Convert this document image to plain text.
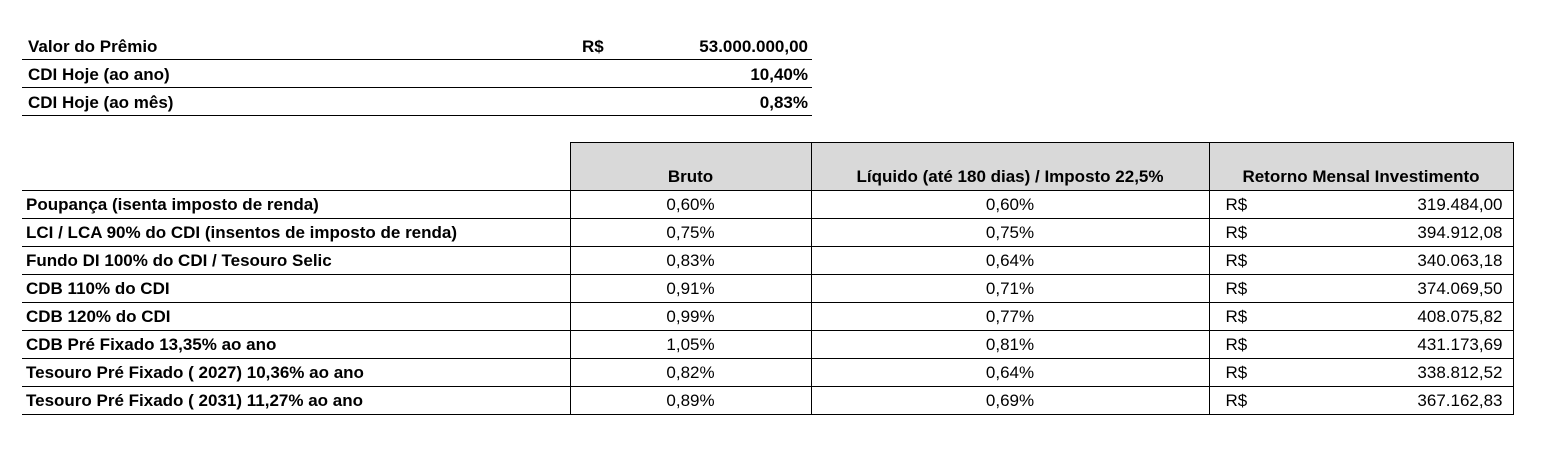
Valor do Prêmio	R$	53.000.000,00
CDI Hoje (ao ano)	10,40%
CDI Hoje (ao mês)	0,83%
	Bruto	Líquido (até 180 dias) / Imposto 22,5%	Retorno Mensal Investimento
Poupança (isenta imposto de renda)	0,60%	0,60%	R$ 319.484,00

LCI / LCA 90% do CDI (insentos de imposto de renda)	0,75%	0,75%	R$ 394.912,08

Fundo DI 100% do CDI / Tesouro Selic	0,83%	0,64%	R$ 340.063,18

CDB 110% do CDI	0,91%	0,71%	R$ 374.069,50

CDB 120% do CDI	0,99%	0,77%	R$ 408.075,82

CDB Pré Fixado 13,35% ao ano	1,05%	0,81%	R$ 431.173,69

Tesouro Pré Fixado ( 2027) 10,36% ao ano	0,82%	0,64%	R$ 338.812,52

Tesouro Pré Fixado ( 2031) 11,27% ao ano	0,89%	0,69%	R$ 367.162,83
